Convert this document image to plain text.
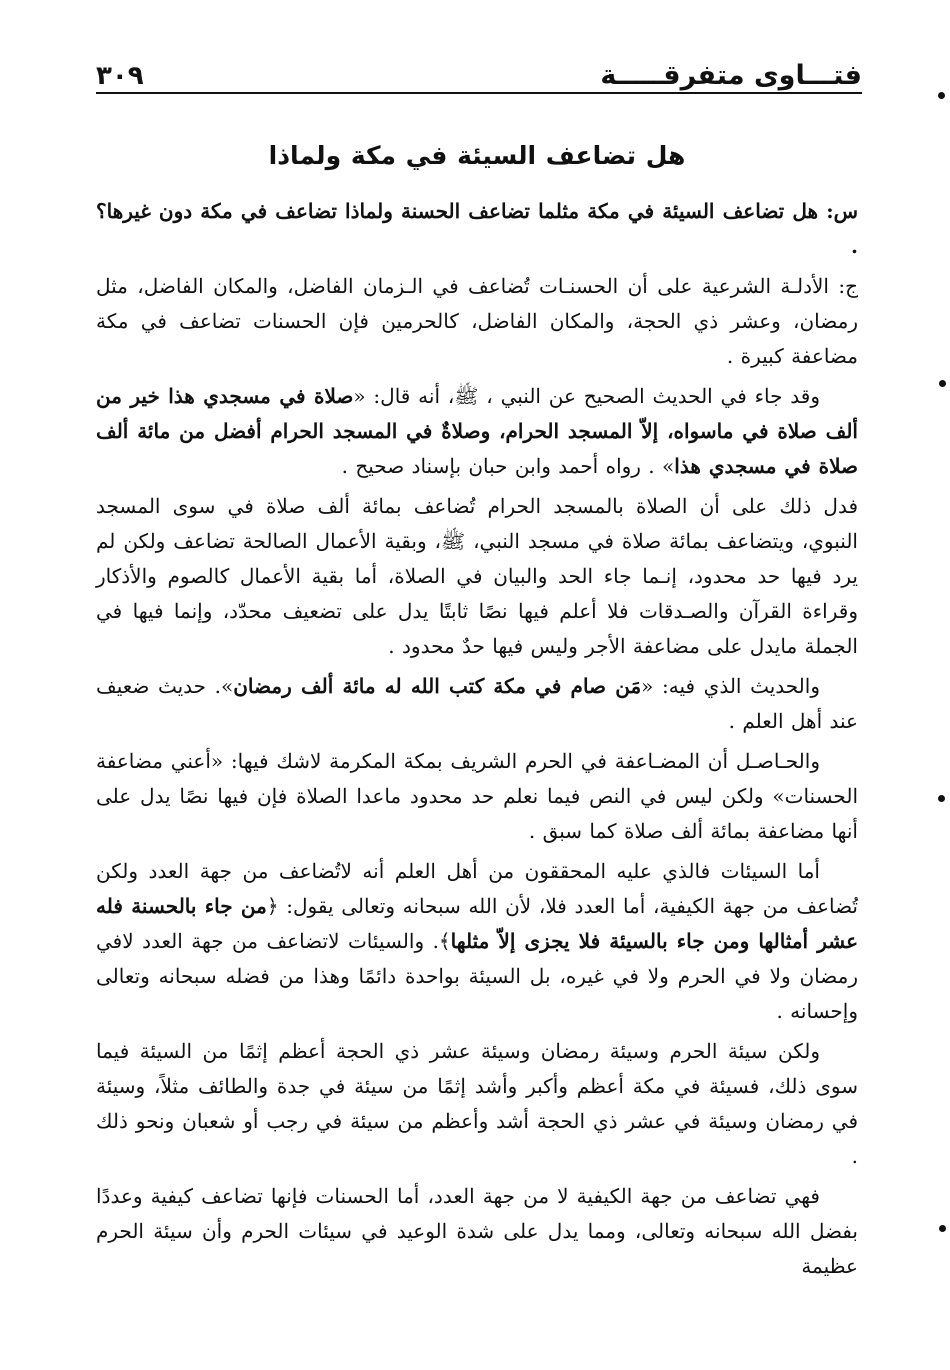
فتـــاوى متفرقـــــة
٣٠٩
هل تضاعف السيئة في مكة ولماذا

س: هل تضاعف السيئة في مكة مثلما تضاعف الحسنة ولماذا تضاعف في مكة دون غيرها؟ .

ج: الأدلـة الشرعية على أن الحسنـات تُضاعف في الـزمان الفاضل، والمكان الفاضل، مثل رمضان، وعشر ذي الحجة، والمكان الفاضل، كالحرمين فإن الحسنات تضاعف في مكة مضاعفة كبيرة .

وقد جاء في الحديث الصحيح عن النبي ، ﷺ، أنه قال: «صلاة في مسجدي هذا خير من ألف صلاة في ماسواه، إلاّ المسجد الحرام، وصلاةٌ في المسجد الحرام أفضل من مائة ألف صلاة في مسجدي هذا» . رواه أحمد وابن حبان بإسناد صحيح .

فدل ذلك على أن الصلاة بالمسجد الحرام تُضاعف بمائة ألف صلاة في سوى المسجد النبوي، ويتضاعف بمائة صلاة في مسجد النبي، ﷺ، وبقية الأعمال الصالحة تضاعف ولكن لم يرد فيها حد محدود، إنـما جاء الحد والبيان في الصلاة، أما بقية الأعمال كالصوم والأذكار وقراءة القرآن والصـدقات فلا أعلم فيها نصًا ثابتًا يدل على تضعيف محدّد، وإنما فيها في الجملة مايدل على مضاعفة الأجر وليس فيها حدٌ محدود .

والحديث الذي فيه: «مَن صام في مكة كتب الله له مائة ألف رمضان». حديث ضعيف عند أهل العلم .

والحـاصـل أن المضـاعفة في الحرم الشريف بمكة المكرمة لاشك فيها: «أعني مضاعفة الحسنات» ولكن ليس في النص فيما نعلم حد محدود ماعدا الصلاة فإن فيها نصًا يدل على أنها مضاعفة بمائة ألف صلاة كما سبق .

أما السيئات فالذي عليه المحققون من أهل العلم أنه لاتُضاعف من جهة العدد ولكن تُضاعف من جهة الكيفية، أما العدد فلا، لأن الله سبحانه وتعالى يقول: ﴿من جاء بالحسنة فله عشر أمثالها ومن جاء بالسيئة فلا يجزى إلاّ مثلها﴾. والسيئات لاتضاعف من جهة العدد لافي رمضان ولا في الحرم ولا في غيره، بل السيئة بواحدة دائمًا وهذا من فضله سبحانه وتعالى وإحسانه .

ولكن سيئة الحرم وسيئة رمضان وسيئة عشر ذي الحجة أعظم إثمًا من السيئة فيما سوى ذلك، فسيئة في مكة أعظم وأكبر وأشد إثمًا من سيئة في جدة والطائف مثلاً، وسيئة في رمضان وسيئة في عشر ذي الحجة أشد وأعظم من سيئة في رجب أو شعبان ونحو ذلك .

فهي تضاعف من جهة الكيفية لا من جهة العدد، أما الحسنات فإنها تضاعف كيفية وعددًا بفضل الله سبحانه وتعالى، ومما يدل على شدة الوعيد في سيئات الحرم وأن سيئة الحرم عظيمة
